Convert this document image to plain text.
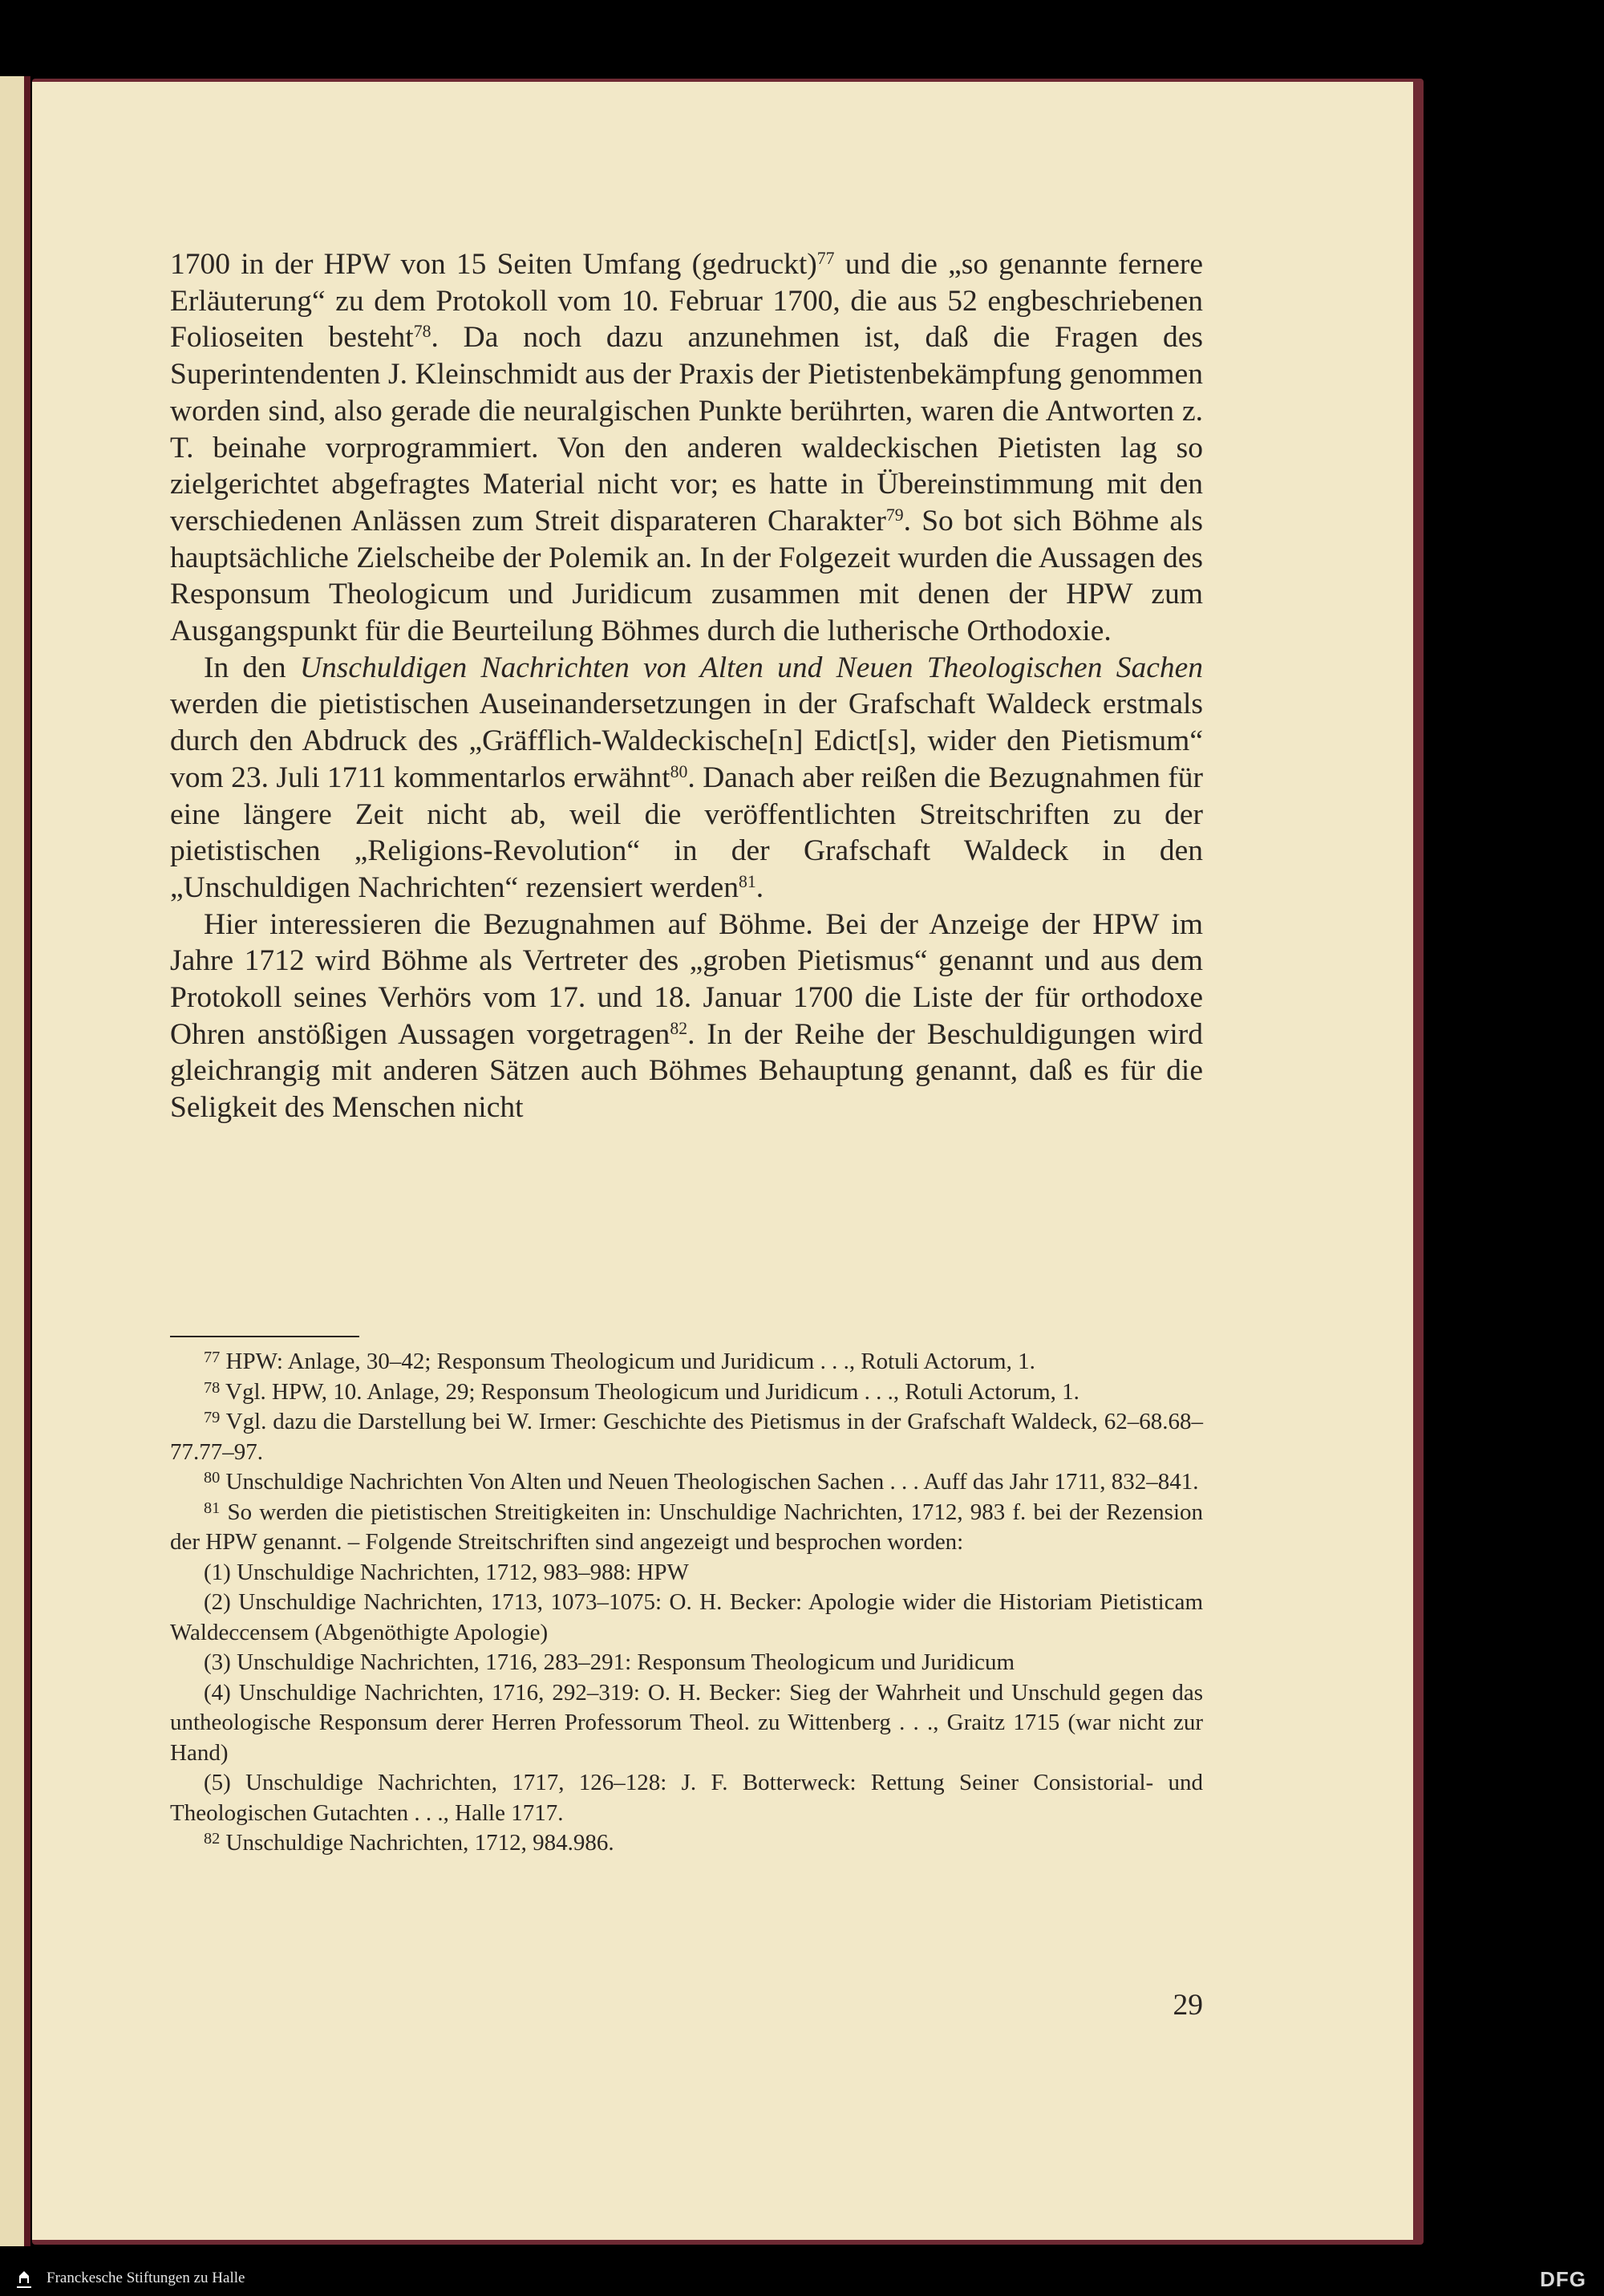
1700 in der HPW von 15 Seiten Umfang (gedruckt)$^{77}$ und die „so genannte fernere Erläuterung“ zu dem Protokoll vom 10. Februar 1700, die aus 52 engbeschriebenen Folioseiten besteht$^{78}$. Da noch dazu anzunehmen ist, daß die Fragen des Superintendenten J. Kleinschmidt aus der Praxis der Pietistenbekämpfung genommen worden sind, also gerade die neuralgischen Punkte berührten, waren die Antworten z. T. beinahe vorprogrammiert. Von den anderen waldeckischen Pietisten lag so zielgerichtet abgefragtes Material nicht vor; es hatte in Übereinstimmung mit den verschiedenen Anlässen zum Streit disparateren Charakter$^{79}$. So bot sich Böhme als hauptsächliche Zielscheibe der Polemik an. In der Folgezeit wurden die Aussagen des Responsum Theologicum und Juridicum zusammen mit denen der HPW zum Ausgangspunkt für die Beurteilung Böhmes durch die lutherische Orthodoxie.

In den Unschuldigen Nachrichten von Alten und Neuen Theologischen Sachen werden die pietistischen Auseinandersetzungen in der Grafschaft Waldeck erstmals durch den Abdruck des „Gräfflich-Waldeckische[n] Edict[s], wider den Pietismum“ vom 23. Juli 1711 kommentarlos erwähnt$^{80}$. Danach aber reißen die Bezugnahmen für eine längere Zeit nicht ab, weil die veröffentlichten Streitschriften zu der pietistischen „Religions-Revolution“ in der Grafschaft Waldeck in den „Unschuldigen Nachrichten“ rezensiert werden$^{81}$.

Hier interessieren die Bezugnahmen auf Böhme. Bei der Anzeige der HPW im Jahre 1712 wird Böhme als Vertreter des „groben Pietismus“ genannt und aus dem Protokoll seines Verhörs vom 17. und 18. Januar 1700 die Liste der für orthodoxe Ohren anstößigen Aussagen vorgetragen$^{82}$. In der Reihe der Beschuldigungen wird gleichrangig mit anderen Sätzen auch Böhmes Behauptung genannt, daß es für die Seligkeit des Menschen nicht

$^{77}$ HPW: Anlage, 30–42; Responsum Theologicum und Juridicum . . ., Rotuli Actorum, 1.

$^{78}$ Vgl. HPW, 10. Anlage, 29; Responsum Theologicum und Juridicum . . ., Rotuli Actorum, 1.

$^{79}$ Vgl. dazu die Darstellung bei W. Irmer: Geschichte des Pietismus in der Grafschaft Waldeck, 62–68.68–77.77–97.

$^{80}$ Unschuldige Nachrichten Von Alten und Neuen Theologischen Sachen . . . Auff das Jahr 1711, 832–841.

$^{81}$ So werden die pietistischen Streitigkeiten in: Unschuldige Nachrichten, 1712, 983 f. bei der Rezension der HPW genannt. – Folgende Streitschriften sind angezeigt und besprochen worden:

(1) Unschuldige Nachrichten, 1712, 983–988: HPW

(2) Unschuldige Nachrichten, 1713, 1073–1075: O. H. Becker: Apologie wider die Historiam Pietisticam Waldeccensem (Abgenöthigte Apologie)

(3) Unschuldige Nachrichten, 1716, 283–291: Responsum Theologicum und Juridicum

(4) Unschuldige Nachrichten, 1716, 292–319: O. H. Becker: Sieg der Wahrheit und Unschuld gegen das untheologische Responsum derer Herren Professorum Theol. zu Wittenberg . . ., Graitz 1715 (war nicht zur Hand)

(5) Unschuldige Nachrichten, 1717, 126–128: J. F. Botterweck: Rettung Seiner Consistorial- und Theologischen Gutachten . . ., Halle 1717.

$^{82}$ Unschuldige Nachrichten, 1712, 984.986.

29
Franckesche Stiftungen zu Halle	DFG
